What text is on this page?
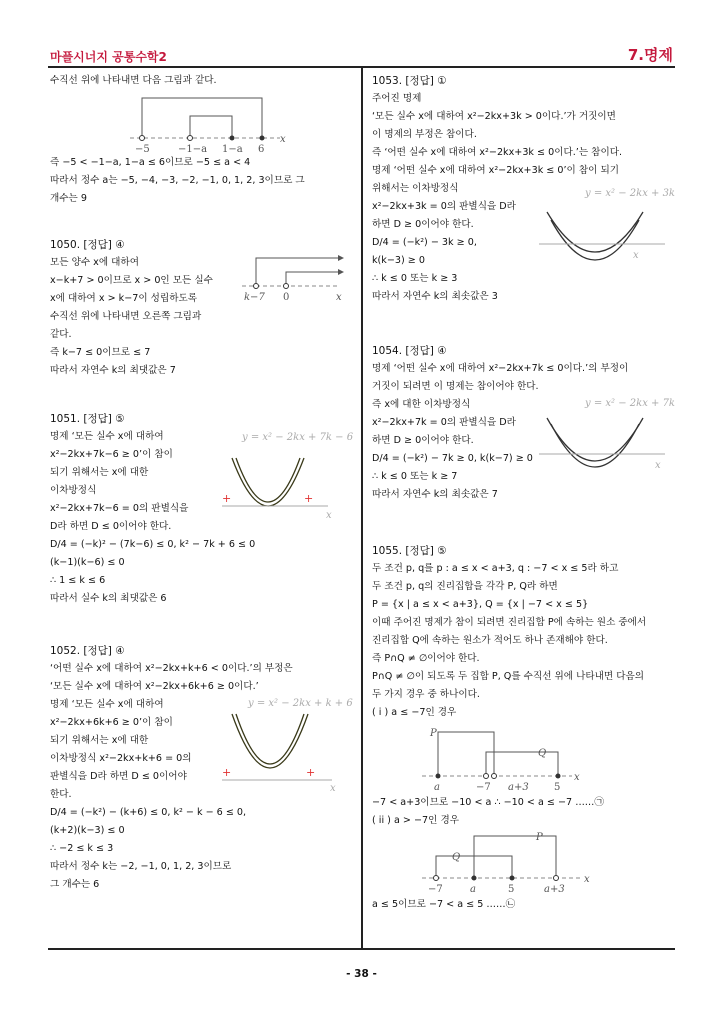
마플시너지 공통수학2	7.명제
수직선 위에 나타내면 다음 그림과 같다.
−5	−1−a 1−a 6
x
즉 −5 < −1−a, 1−a ≤ 6이므로 −5 ≤ a < 4
따라서 정수 a는 −5, −4, −3, −2, −1, 0, 1, 2, 3이므로 그
개수는 9
1050. [정답] ④
모든 양수 x에 대하여
x−k+7 > 0이므로 x > 0인 모든 실수
x에 대하여 x > k−7이 성립하도록
수직선 위에 나타내면 오른쪽 그림과
같다.
즉 k−7 ≤ 0이므로 ≤ 7
따라서 자연수 k의 최댓값은 7
k−7 0	x
1051. [정답] ⑤
명제 ‘모든 실수 x에 대하여
x²−2kx+7k−6 ≥ 0’이 참이
되기 위해서는 x에 대한
이차방정식
x²−2kx+7k−6 = 0의 판별식을
D라 하면 D ≤ 0이어야 한다.
D/4 = (−k)² − (7k−6) ≤ 0, k² − 7k + 6 ≤ 0
(k−1)(k−6) ≤ 0
∴ 1 ≤ k ≤ 6
따라서 실수 k의 최댓값은 6
y = x² − 2kx + 7k − 6
+	+
x
1052. [정답] ④
‘어떤 실수 x에 대하여 x²−2kx+k+6 < 0이다.’의 부정은
‘모든 실수 x에 대하여 x²−2kx+6k+6 ≥ 0이다.’
명제 ‘모든 실수 x에 대하여
x²−2kx+6k+6 ≥ 0’이 참이
되기 위해서는 x에 대한
이차방정식 x²−2kx+k+6 = 0의
판별식을 D라 하면 D ≤ 0이어야
한다.
D/4 = (−k²) − (k+6) ≤ 0, k² − k − 6 ≤ 0,
(k+2)(k−3) ≤ 0
∴ −2 ≤ k ≤ 3
따라서 정수 k는 −2, −1, 0, 1, 2, 3이므로
그 개수는 6
y = x² − 2kx + k + 6
+	+
x
1053. [정답] ①
주어진 명제
‘모든 실수 x에 대하여 x²−2kx+3k > 0이다.’가 거짓이면
이 명제의 부정은 참이다.
즉 ‘어떤 실수 x에 대하여 x²−2kx+3k ≤ 0이다.’는 참이다.
명제 ‘어떤 실수 x에 대하여 x²−2kx+3k ≤ 0’이 참이 되기
위해서는 이차방정식
x²−2kx+3k = 0의 판별식을 D라
하면 D ≥ 0이어야 한다.
D/4 = (−k²) − 3k ≥ 0,
k(k−3) ≥ 0
∴ k ≤ 0 또는 k ≥ 3
따라서 자연수 k의 최솟값은 3
y = x² − 2kx + 3k
x
1054. [정답] ④
명제 ‘어떤 실수 x에 대하여 x²−2kx+7k ≤ 0이다.’의 부정이
거짓이 되려면 이 명제는 참이어야 한다.
즉 x에 대한 이차방정식
x²−2kx+7k = 0의 판별식을 D라
하면 D ≥ 0이어야 한다.
D/4 = (−k²) − 7k ≥ 0, k(k−7) ≥ 0
∴ k ≤ 0 또는 k ≥ 7
따라서 자연수 k의 최솟값은 7
y = x² − 2kx + 7k
x
1055. [정답] ⑤
두 조건 p, q를 p : a ≤ x < a+3, q : −7 < x ≤ 5라 하고
두 조건 p, q의 진리집합을 각각 P, Q라 하면
P = {x | a ≤ x < a+3}, Q = {x | −7 < x ≤ 5}
이때 주어진 명제가 참이 되려면 진리집합 P에 속하는 원소 중에서
진리집합 Q에 속하는 원소가 적어도 하나 존재해야 한다.
즉 P∩Q ≠ ∅이어야 한다.
P∩Q ≠ ∅이 되도록 두 집합 P, Q를 수직선 위에 나타내면 다음의
두 가지 경우 중 하나이다.
( i ) a ≤ −7인 경우
P
Q
a	−7 a+3	5
x
−7 < a+3이므로 −10 < a ∴ −10 < a ≤ −7 ……㉠
( ii ) a > −7인 경우
P
Q
−7	a	5	a+3
x
a ≤ 5이므로 −7 < a ≤ 5 ……㉡
- 38 -
